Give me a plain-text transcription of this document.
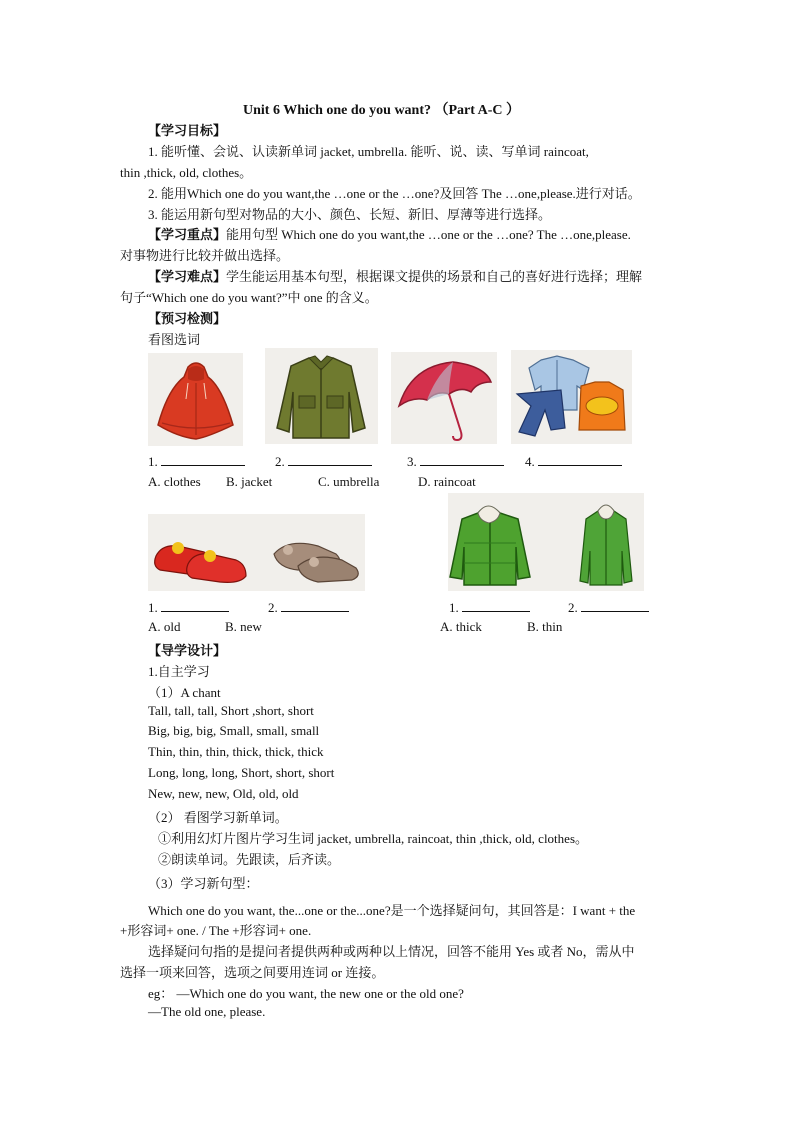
Unit 6 Which one do you want? （Part A-C ）
【学习目标】
1. 能听懂、会说、认读新单词 jacket, umbrella. 能听、说、读、写单词 raincoat,
thin ,thick, old, clothes。
2. 能用Which one do you want,the …one or the …one?及回答 The …one,please.进行对话。
3. 能运用新句型对物品的大小、颜色、长短、新旧、厚薄等进行选择。
【学习重点】能用句型 Which one do you want,the …one or the …one? The …one,please.
对事物进行比较并做出选择。
【学习难点】学生能运用基本句型，根据课文提供的场景和自己的喜好进行选择；理解
句子“Which one do you want?”中 one 的含义。
【预习检测】
看图选词
1.	2.	3.	4.
A. clothes B. jacket	C. umbrella	D. raincoat
1.	2.	1.	2.
A. old	B. new	A. thick	B. thin
【导学设计】
1.自主学习
（1）A chant
Tall, tall, tall, Short ,short, short
Big, big, big, Small, small, small
Thin, thin, thin, thick, thick, thick
Long, long, long, Short, short, short
New, new, new, Old, old, old
（2） 看图学习新单词。
①利用幻灯片图片学习生词 jacket, umbrella, raincoat, thin ,thick, old, clothes。
②朗读单词。先跟读，后齐读。
（3）学习新句型：
Which one do you want, the...one or the...one?是一个选择疑问句，其回答是：I want + the
+形容词+ one. / The +形容词+ one.
选择疑问句指的是提问者提供两种或两种以上情况，回答不能用 Yes 或者 No，需从中
选择一项来回答，选项之间要用连词 or 连接。
eg： —Which one do you want, the new one or the old one?
—The old one, please.
